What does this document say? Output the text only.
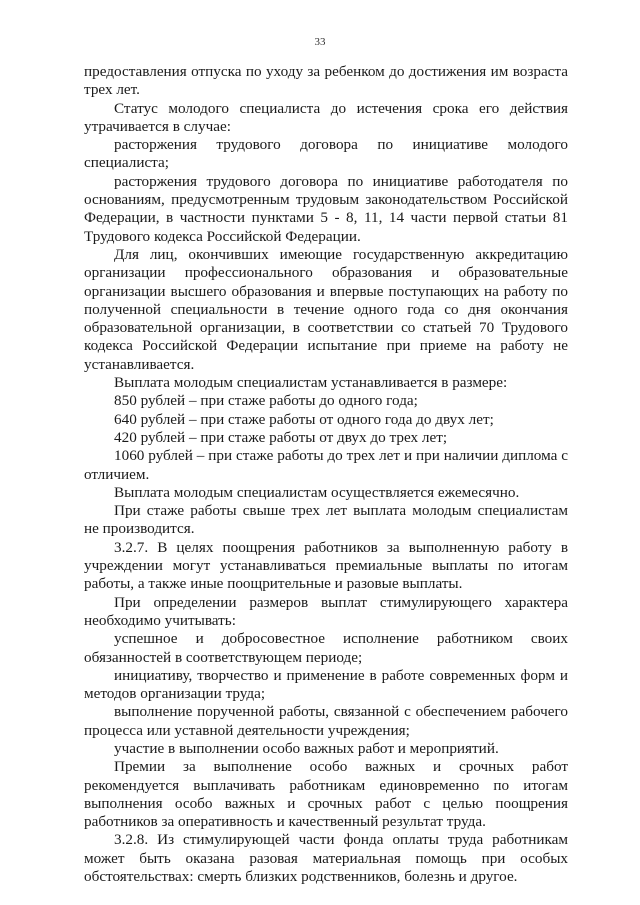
33

предоставления отпуска по уходу за ребенком до достижения им возраста трех лет.

Статус молодого специалиста до истечения срока его действия утрачивается в случае:

расторжения трудового договора по инициативе молодого специалиста;

расторжения трудового договора по инициативе работодателя по основаниям, предусмотренным трудовым законодательством Российской Федерации, в частности пунктами 5 - 8, 11, 14 части первой статьи 81 Трудового кодекса Российской Федерации.

Для лиц, окончивших имеющие государственную аккредитацию организации профессионального образования и образовательные организации высшего образования и впервые поступающих на работу по полученной специальности в течение одного года со дня окончания образовательной организации, в соответствии со статьей 70 Трудового кодекса Российской Федерации испытание при приеме на работу не устанавливается.

Выплата молодым специалистам устанавливается в размере:

850 рублей – при стаже работы до одного года;

640 рублей – при стаже работы от одного года до двух лет;

420 рублей – при стаже работы от двух до трех лет;

1060 рублей – при стаже работы до трех лет и при наличии диплома с отличием.

Выплата молодым специалистам осуществляется ежемесячно.

При стаже работы свыше трех лет выплата молодым специалистам не производится.

3.2.7. В целях поощрения работников за выполненную работу в учреждении могут устанавливаться премиальные выплаты по итогам работы, а также иные поощрительные и разовые выплаты.

При определении размеров выплат стимулирующего характера необходимо учитывать:

успешное и добросовестное исполнение работником своих обязанностей в соответствующем периоде;

инициативу, творчество и применение в работе современных форм и методов организации труда;

выполнение порученной работы, связанной с обеспечением рабочего процесса или уставной деятельности учреждения;

участие в выполнении особо важных работ и мероприятий.

Премии за выполнение особо важных и срочных работ рекомендуется выплачивать работникам единовременно по итогам выполнения особо важных и срочных работ с целью поощрения работников за оперативность и качественный результат труда.

3.2.8. Из стимулирующей части фонда оплаты труда работникам может быть оказана разовая материальная помощь при особых обстоятельствах: смерть близких родственников, болезнь и другое.
